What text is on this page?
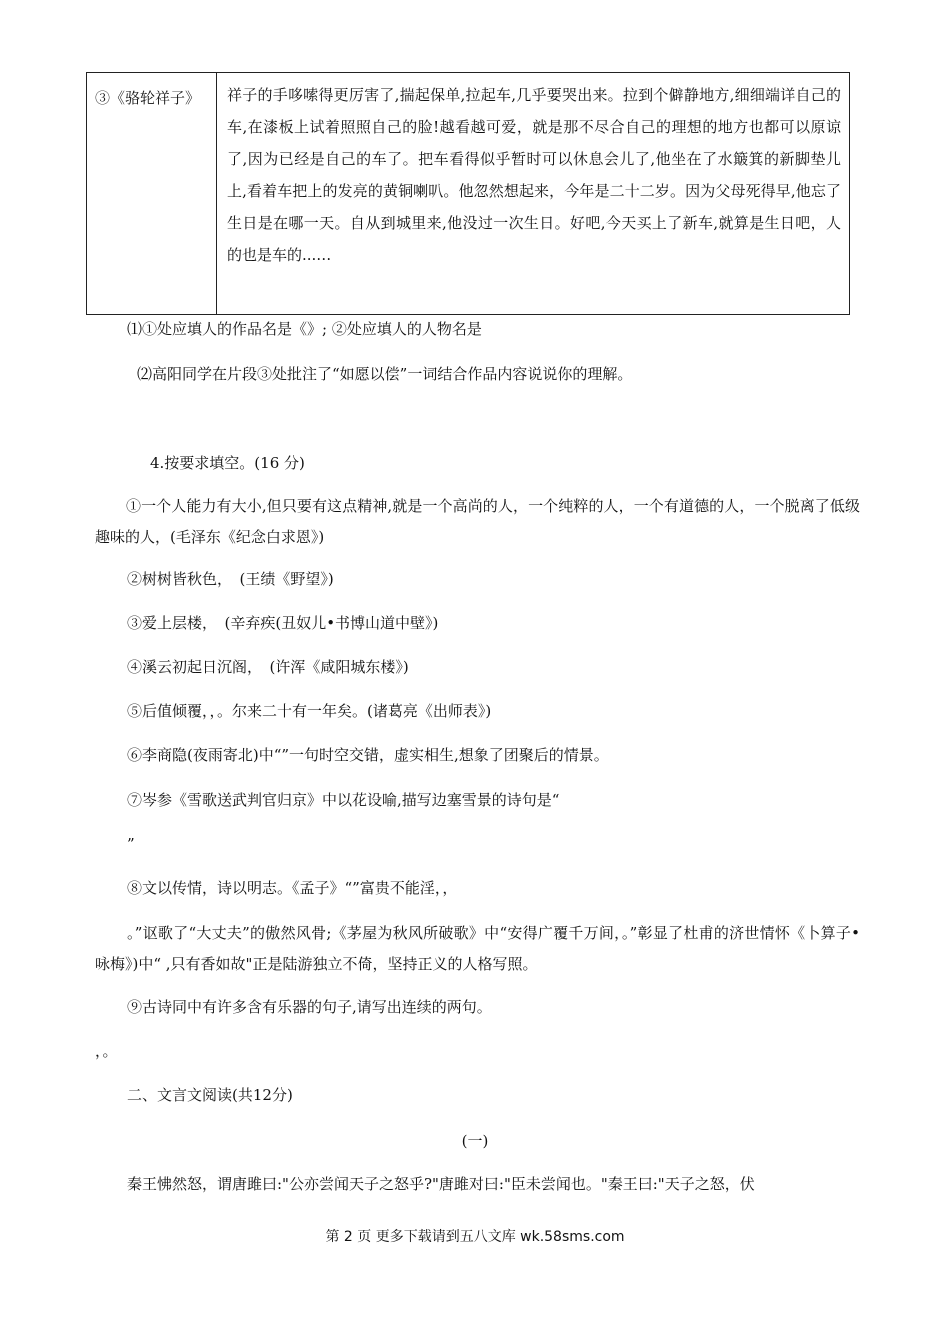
③《骆轮祥子》	祥子的手哆嗦得更厉害了,揣起保单,拉起车,几乎要哭出来。拉到个僻静地方,细细端详自己的车,在漆板上试着照照自己的脸!越看越可爱，就是那不尽合自己的理想的地方也都可以原谅了,因为已经是自己的车了。把车看得似乎暂时可以休息会儿了,他坐在了水簸箕的新脚垫儿上,看着车把上的发亮的黄铜喇叭。他忽然想起来，今年是二十二岁。因为父母死得早,他忘了生日是在哪一天。自从到城里来,他没过一次生日。好吧,今天买上了新车,就算是生日吧，人的也是车的...…
⑴①处应填人的作品名是《》; ②处应填人的人物名是
⑵高阳同学在片段③处批注了“如愿以偿”一词结合作品内容说说你的理解。
4.按要求填空。(16 分)
①一个人能力有大小,但只要有这点精神,就是一个高尚的人，一个纯粹的人，一个有道德的人，一个脱离了低级趣味的人，(毛泽东《纪念白求恩》)
②树树皆秋色，　(王绩《野望》)
③爱上层楼，　(辛弃疾(丑奴儿•书博山道中壁》)
④溪云初起日沉阁，　(许浑《咸阳城东楼》)
⑤后值倾覆，，。尔来二十有一年矣。(诸葛亮《出师表》)
⑥李商隐(夜雨寄北)中“”一句时空交错，虚实相生,想象了团聚后的情景。
⑦岑参《雪歌送武判官归京》中以花设喻,描写边塞雪景的诗句是“
”
⑧文以传情，诗以明志。《孟子》“”富贵不能淫，，
。”讴歌了“大丈夫”的傲然风骨;《茅屋为秋风所破歌》中“安得广覆千万间，。”彰显了杜甫的济世情怀《卜算子•咏梅》)中“ ,只有香如故"正是陆游独立不倚，坚持正义的人格写照。
⑨古诗同中有许多含有乐器的句子,请写出连续的两句。
，。
二、文言文阅读(共12分)
(一)
秦王怫然怒，谓唐雎曰:"公亦尝闻天子之怒乎?"唐雎对曰:"臣未尝闻也。"秦王曰:"天子之怒，伏
第 2 页 更多下载请到五八文库 wk.58sms.com
